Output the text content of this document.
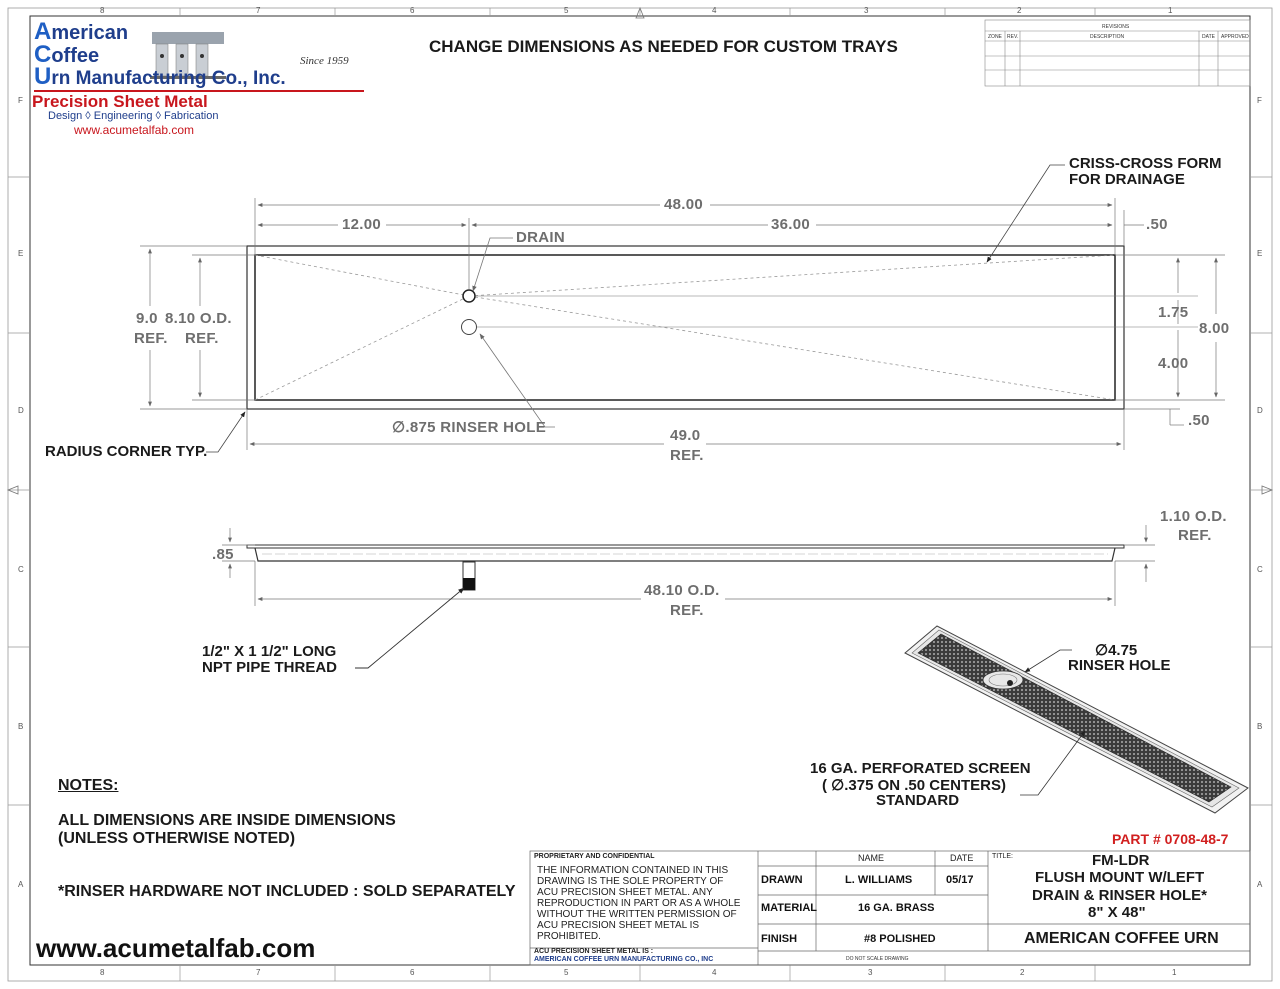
8	7	6	5	4	3	2	1
8	7	6	5	4	3	2	1
F
E
D
C
B
A
F
E
D
C
B
A
American
Coffee
Urn Manufacturing Co., Inc.
Since 1959
Precision Sheet Metal
Design ◊ Engineering ◊ Fabrication
www.acumetalfab.com
CHANGE DIMENSIONS AS NEEDED FOR CUSTOM TRAYS
REVISIONS
ZONE REV.	DESCRIPTION	DATE APPROVED
48.00
12.00	36.00	.50
DRAIN
CRISS-CROSS FORM
FOR DRAINAGE
9.0
REF.
8.10 O.D.
REF.
1.75
4.00
8.00
.50
∅.875 RINSER HOLE
RADIUS CORNER TYP.
49.0
REF.
.85
1.10 O.D.
REF.
48.10 O.D.
REF.
1/2" X 1 1/2" LONG
NPT PIPE THREAD
∅4.75
RINSER HOLE
16 GA. PERFORATED SCREEN
( ∅.375 ON .50 CENTERS)
STANDARD
NOTES:
ALL DIMENSIONS ARE INSIDE DIMENSIONS
(UNLESS OTHERWISE NOTED)
*RINSER HARDWARE NOT INCLUDED : SOLD SEPARATELY
PART # 0708-48-7
www.acumetalfab.com
PROPRIETARY AND CONFIDENTIAL
THE INFORMATION CONTAINED IN THIS
DRAWING IS THE SOLE PROPERTY OF
ACU PRECISION SHEET METAL. ANY
REPRODUCTION IN PART OR AS A WHOLE
WITHOUT THE WRITTEN PERMISSION OF
ACU PRECISION SHEET METAL IS
PROHIBITED.
ACU PRECISION SHEET METAL IS :
AMERICAN COFFEE URN MANUFACTURING CO., INC
NAME	DATE
DRAWN	L. WILLIAMS	05/17
MATERIAL	16 GA. BRASS
FINISH	#8 POLISHED
DO NOT SCALE DRAWING
TITLE:	FM-LDR
FLUSH MOUNT W/LEFT
DRAIN & RINSER HOLE*
8" X 48"
AMERICAN COFFEE URN
